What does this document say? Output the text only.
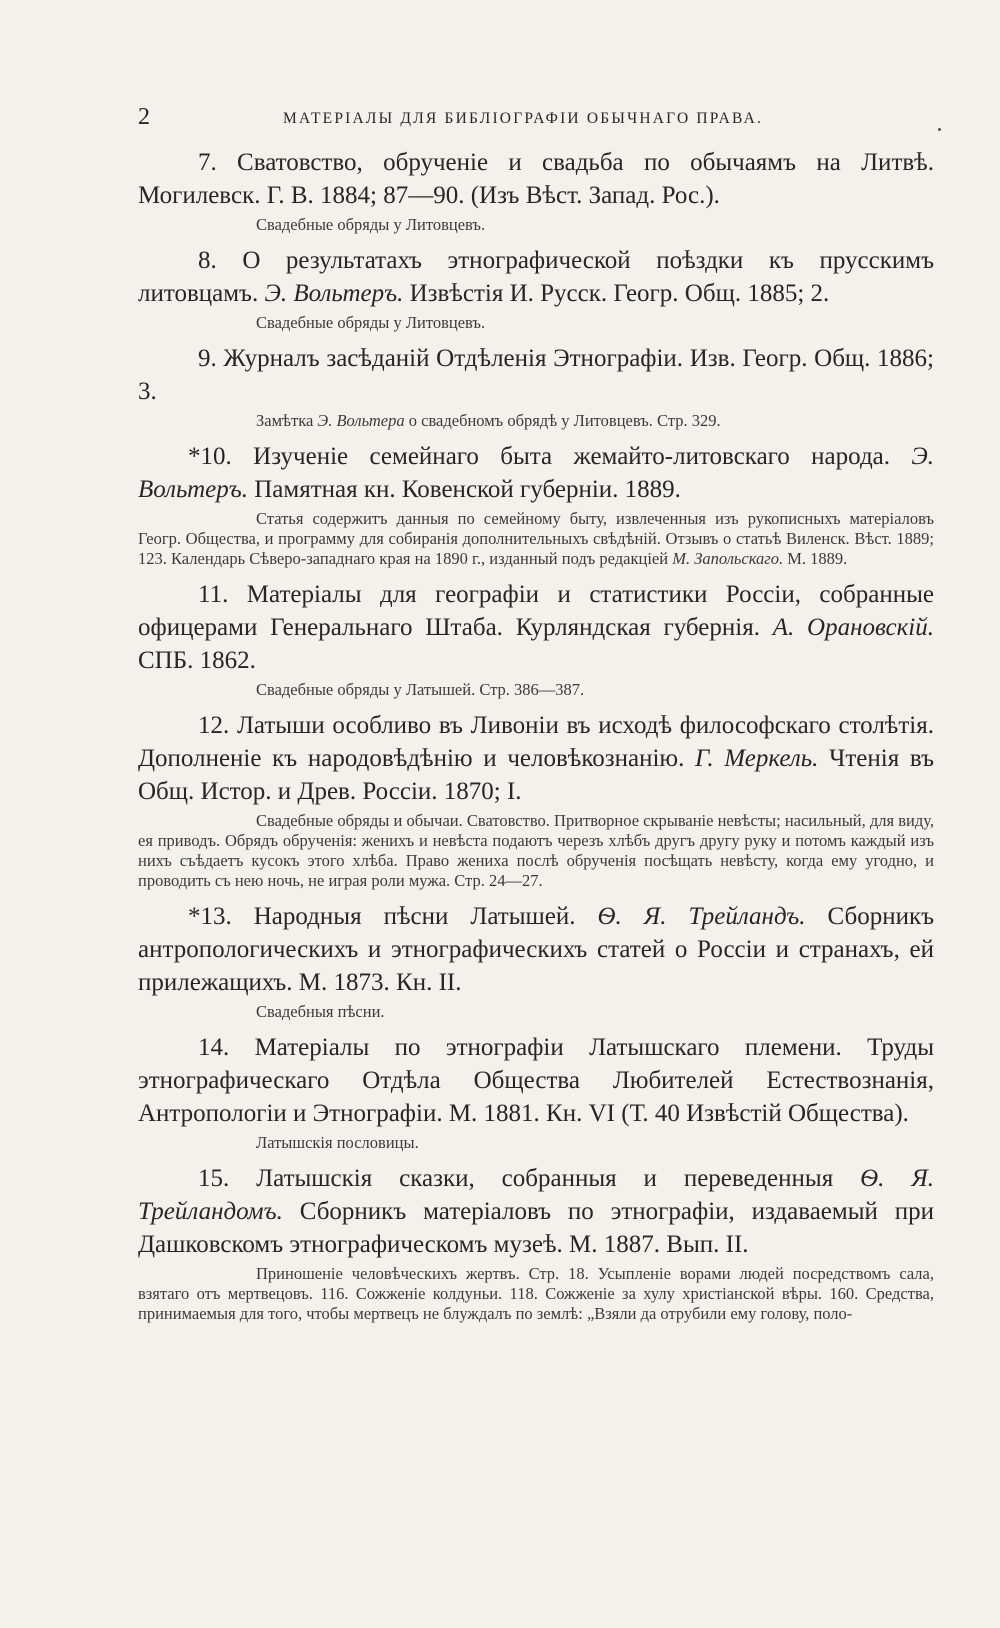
2	МАТЕРІАЛЫ ДЛЯ БИБЛІОГРАФІИ ОБЫЧНАГО ПРАВА.
7. Сватовство, обрученіе и свадьба по обычаямъ на Литвѣ. Могилевск. Г. В. 1884; 87—90. (Изъ Вѣст. Запад. Рос.).
Свадебные обряды у Литовцевъ.
8. О результатахъ этнографической поѣздки къ прусскимъ литовцамъ. Э. Вольтеръ. Извѣстія И. Русск. Геогр. Общ. 1885; 2.
Свадебные обряды у Литовцевъ.
9. Журналъ засѣданій Отдѣленія Этнографіи. Изв. Геогр. Общ. 1886; 3.
Замѣтка Э. Вольтера о свадебномъ обрядѣ у Литовцевъ. Стр. 329.
*10. Изученіе семейнаго быта жемайто-литовскаго народа. Э. Вольтеръ. Памятная кн. Ковенской губерніи. 1889.
Статья содержитъ данныя по семейному быту, извлеченныя изъ рукописныхъ матеріаловъ Геогр. Общества, и программу для собиранія дополнительныхъ свѣдѣній. Отзывъ о статьѣ Виленск. Вѣст. 1889; 123. Календарь Сѣверо-западнаго края на 1890 г., изданный подъ редакціей М. Запольскаго. М. 1889.
11. Матеріалы для географіи и статистики Россіи, собранные офицерами Генеральнаго Штаба. Курляндская губернія. А. Орановскій. СПБ. 1862.
Свадебные обряды у Латышей. Стр. 386—387.
12. Латыши особливо въ Ливоніи въ исходѣ философскаго столѣтія. Дополненіе къ народовѣдѣнію и человѣкознанію. Г. Меркель. Чтенія въ Общ. Истор. и Древ. Россіи. 1870; I.
Свадебные обряды и обычаи. Сватовство. Притворное скрываніе невѣсты; насильный, для виду, ея приводъ. Обрядъ обрученія: женихъ и невѣста подаютъ черезъ хлѣбъ другъ другу руку и потомъ каждый изъ нихъ съѣдаетъ кусокъ этого хлѣба. Право жениха послѣ обрученія посѣщать невѣсту, когда ему угодно, и проводить съ нею ночь, не играя роли мужа. Стр. 24—27.
*13. Народныя пѣсни Латышей. Ѳ. Я. Трейландъ. Сборникъ антропологическихъ и этнографическихъ статей о Россіи и странахъ, ей прилежащихъ. М. 1873. Кн. II.
Свадебныя пѣсни.
14. Матеріалы по этнографіи Латышскаго племени. Труды этнографическаго Отдѣла Общества Любителей Естествознанія, Антропологіи и Этнографіи. М. 1881. Кн. VI (Т. 40 Извѣстій Общества).
Латышскія пословицы.
15. Латышскія сказки, собранныя и переведенныя Ѳ. Я. Трейландомъ. Сборникъ матеріаловъ по этнографіи, издаваемый при Дашковскомъ этнографическомъ музеѣ. М. 1887. Вып. II.
Приношеніе человѣческихъ жертвъ. Стр. 18. Усыпленіе ворами людей посредствомъ сала, взятаго отъ мертвецовъ. 116. Сожженіе колдуньи. 118. Сожженіе за хулу христіанской вѣры. 160. Средства, принимаемыя для того, чтобы мертвецъ не блуждалъ по землѣ: „Взяли да отрубили ему голову, поло-
